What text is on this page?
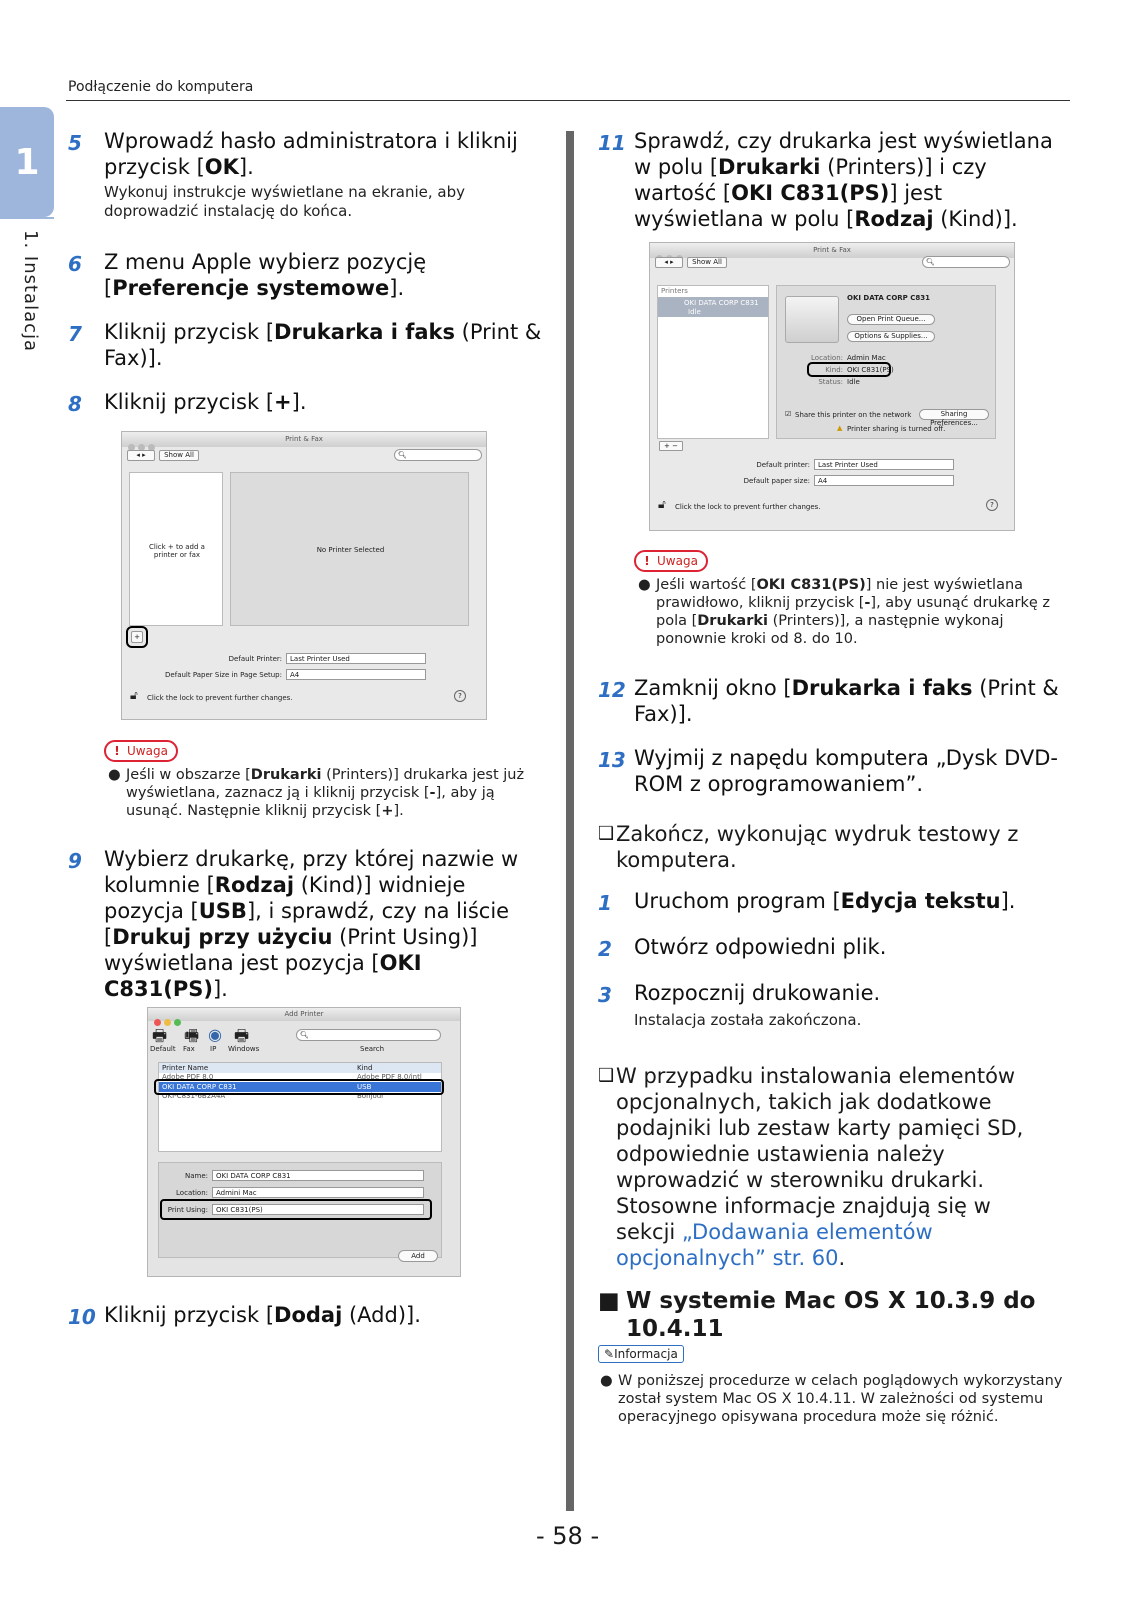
Podłączenie do komputera
1
1. Instalacja
5 Wprowadź hasło administratora i kliknij przycisk [OK].
Wykonuj instrukcje wyświetlane na ekranie, aby doprowadzić instalację do końca.
6 Z menu Apple wybierz pozycję [Preferencje systemowe].
7 Kliknij przycisk [Drukarka i faks (Print & Fax)].
8 Kliknij przycisk [+].
Print & Fax
◂ ▸	Show All	🔍︎
Click + to add a printer or fax
No Printer Selected
+
Default Printer:	Last Printer Used
Default Paper Size in Page Setup:	A4
🔓︎ Click the lock to prevent further changes.	?
! Uwaga
● Jeśli w obszarze [Drukarki (Printers)] drukarka jest już wyświetlana, zaznacz ją i kliknij przycisk [-], aby ją usunąć. Następnie kliknij przycisk [+].
9 Wybierz drukarkę, przy której nazwie w kolumnie [Rodzaj (Kind)] widnieje pozycja [USB], i sprawdź, czy na liście [Drukuj przy użyciu (Print Using)] wyświetlana jest pozycja [OKI C831(PS)].
Add Printer
🖶︎ 🖷︎ ◉ 🖶︎
Default Fax IP Windows
🔍︎
Search
Printer Name	Kind
Adobe PDF 8.0	Adobe PDF 8.0/intl
OKI DATA CORP C831	USB
OKI-C831-6B2A4A	Bonjour
Name:	OKI DATA CORP C831
Location:	Admini Mac
Print Using:	OKI C831(PS)
Add
10 Kliknij przycisk [Dodaj (Add)].
11 Sprawdź, czy drukarka jest wyświetlana w polu [Drukarki (Printers)] i czy wartość [OKI C831(PS)] jest wyświetlana w polu [Rodzaj (Kind)].
Print & Fax
◂ ▸	Show All	🔍︎
Printers
OKI DATA CORP C831
Idle
OKI DATA CORP C831
Open Print Queue...
Options & Supplies...
Location: Admin Mac
Kind: OKI C831(PS)
Status: Idle
☑ Share this printer on the network	Sharing Preferences...
▲ Printer sharing is turned off.
+ −
Default printer:	Last Printer Used
Default paper size:	A4
🔓︎ Click the lock to prevent further changes.	?
! Uwaga
● Jeśli wartość [OKI C831(PS)] nie jest wyświetlana prawidłowo, kliknij przycisk [-], aby usunąć drukarkę z pola [Drukarki (Printers)], a następnie wykonaj ponownie kroki od 8. do 10.
12 Zamknij okno [Drukarka i faks (Print & Fax)].
13 Wyjmij z napędu komputera „Dysk DVD-ROM z oprogramowaniem”.
❑ Zakończ, wykonując wydruk testowy z komputera.
1 Uruchom program [Edycja tekstu].
2 Otwórz odpowiedni plik.
3 Rozpocznij drukowanie.
Instalacja została zakończona.
❑ W przypadku instalowania elementów opcjonalnych, takich jak dodatkowe podajniki lub zestaw karty pamięci SD, odpowiednie ustawienia należy wprowadzić w sterowniku drukarki. Stosowne informacje znajdują się w sekcji „Dodawania elementów opcjonalnych” str. 60.
■ W systemie Mac OS X 10.3.9 do 10.4.11
✎Informacja
● W poniższej procedurze w celach poglądowych wykorzystany został system Mac OS X 10.4.11. W zależności od systemu operacyjnego opisywana procedura może się różnić.
- 58 -
